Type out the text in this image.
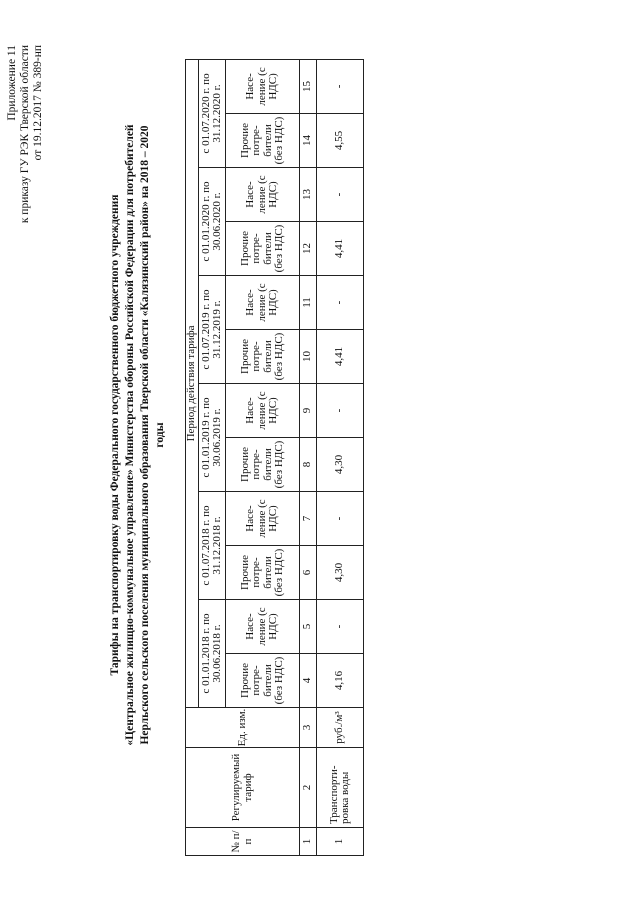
Приложение 11 к приказу ГУ РЭК Тверской области от 19.12.2017 № 389-нп
Тарифы на транспортировку воды Федерального государственного бюджетного учреждения «Центральное жилищно-коммунальное управление» Министерства обороны Российской Федерации для потребителей Нерльского сельского поселения муниципального образования Тверской области «Калязинский район» на 2018 – 2020 годы
№ п/п	Регулируемый тариф	Ед. изм.	Период действия тарифа											
			с 01.01.2018 г. по 30.06.2018 г.		с 01.07.2018 г. по 31.12.2018 г.		с 01.01.2019 г. по 30.06.2019 г.		с 01.07.2019 г. по 31.12.2019 г.		с 01.01.2020 г. по 30.06.2020 г.		с 01.07.2020 г. по 31.12.2020 г.	
			Прочие потре-бители (без НДС)	Насе-ление (с НДС)	Прочие потре-бители (без НДС)	Насе-ление (с НДС)	Прочие потре-бители (без НДС)	Насе-ление (с НДС)	Прочие потре-бители (без НДС)	Насе-ление (с НДС)	Прочие потре-бители (без НДС)	Насе-ление (с НДС)	Прочие потре-бители (без НДС)	Насе-ление (с НДС)
1	2	3	4	5	6	7	8	9	10	11	12	13	14	15
1	Транспорти-ровка воды	руб./м³	4,16	-	4,30	-	4,30	-	4,41	-	4,41	-	4,55	-
